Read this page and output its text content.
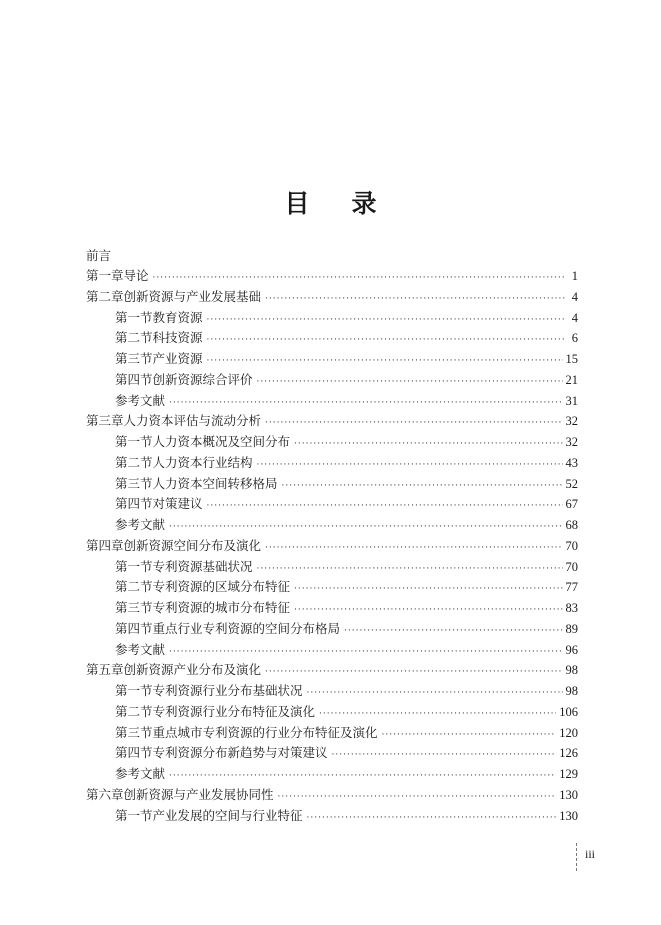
目 录
前言
第一章 导论 ·····	1
第二章 创新资源与产业发展基础 ·····	4
第一节 教育资源 ·····	4
第二节 科技资源 ·····	6
第三节 产业资源 ·····	15
第四节 创新资源综合评价 ·····	21
参考文献 ·····	31
第三章 人力资本评估与流动分析 ·····	32
第一节 人力资本概况及空间分布 ·····	32
第二节 人力资本行业结构 ·····	43
第三节 人力资本空间转移格局 ·····	52
第四节 对策建议 ·····	67
参考文献 ·····	68
第四章 创新资源空间分布及演化 ·····	70
第一节 专利资源基础状况 ·····	70
第二节 专利资源的区域分布特征 ·····	77
第三节 专利资源的城市分布特征 ·····	83
第四节 重点行业专利资源的空间分布格局 ·····	89
参考文献 ·····	96
第五章 创新资源产业分布及演化 ·····	98
第一节 专利资源行业分布基础状况 ·····	98
第二节 专利资源行业分布特征及演化 ·····	106
第三节 重点城市专利资源的行业分布特征及演化 ·····	120
第四节 专利资源分布新趋势与对策建议 ·····	126
参考文献 ·····	129
第六章 创新资源与产业发展协同性 ·····	130
第一节 产业发展的空间与行业特征 ·····	130
iii
